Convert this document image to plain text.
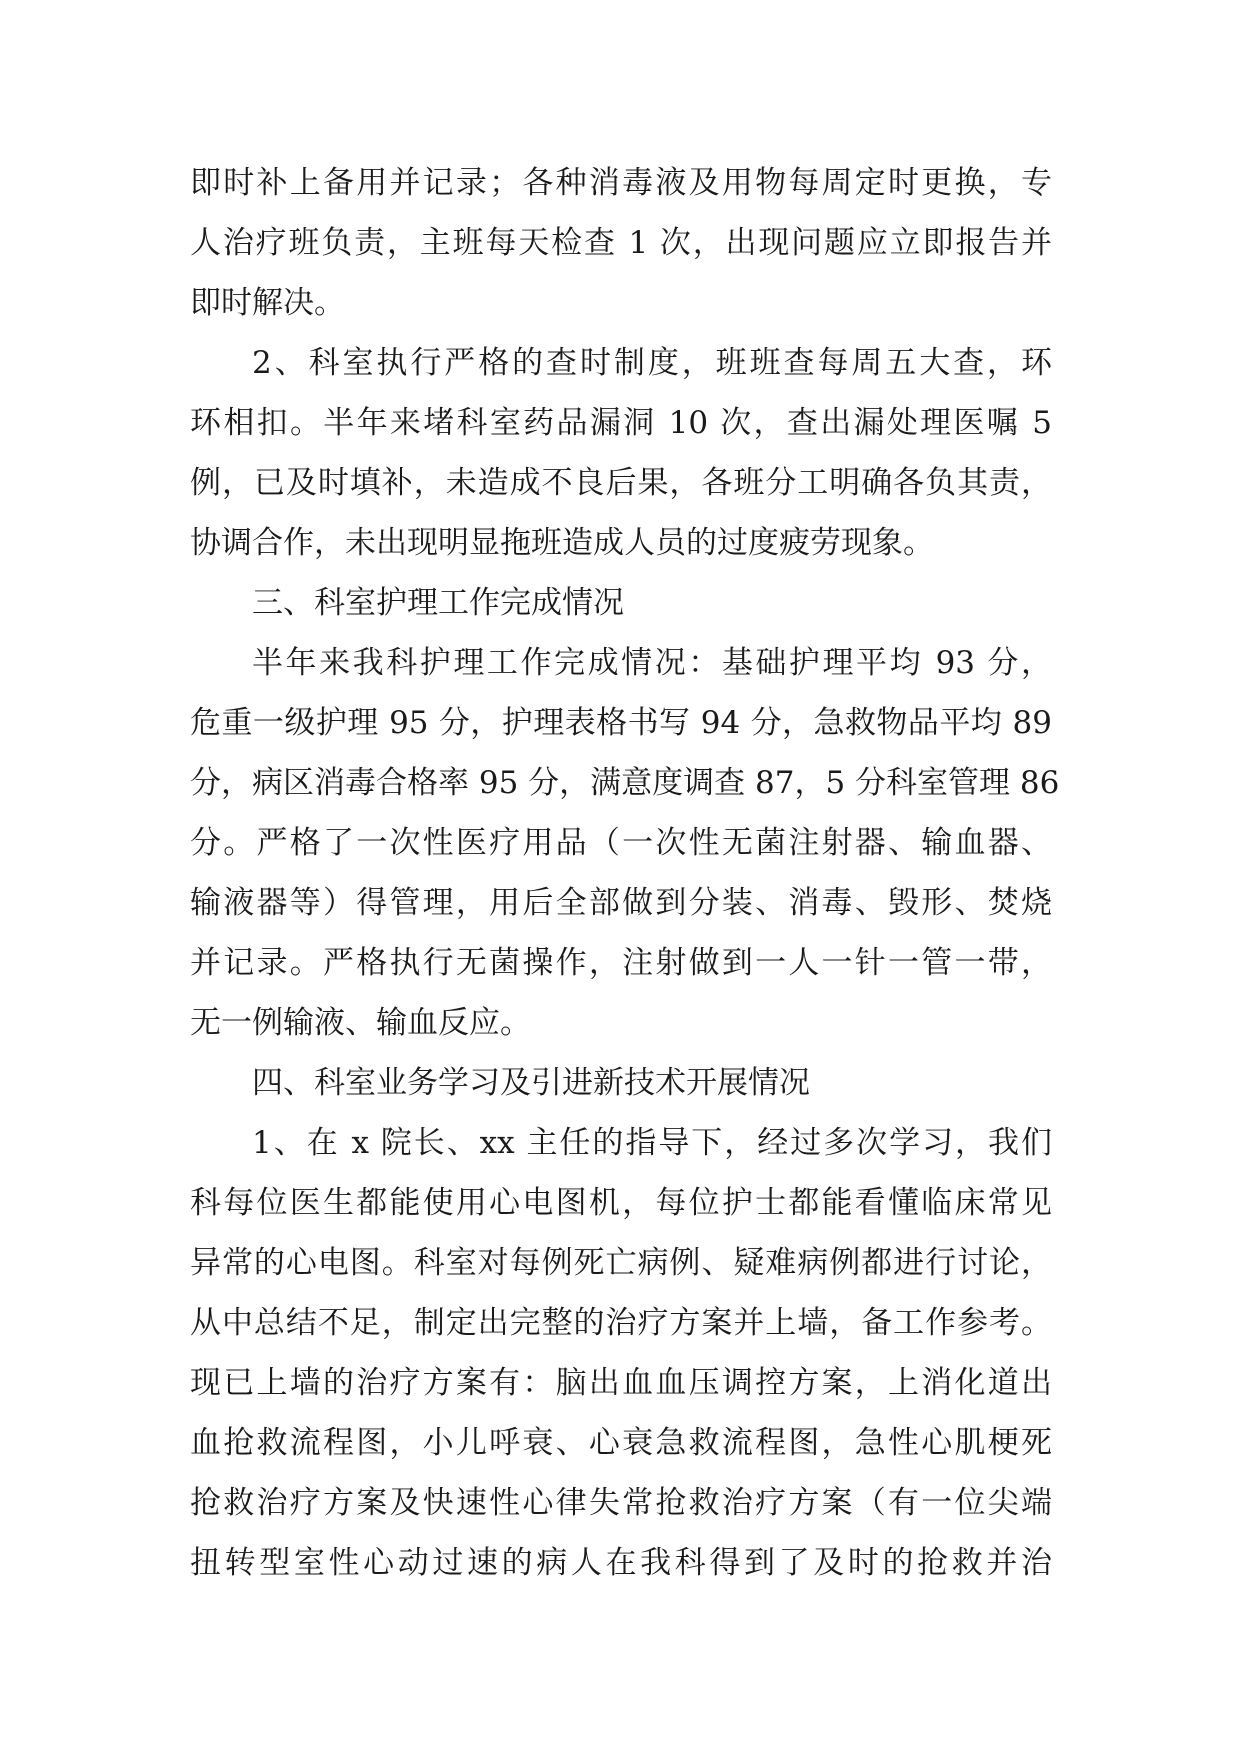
即时补上备用并记录；各种消毒液及用物每周定时更换，专
人治疗班负责，主班每天检查 1 次，出现问题应立即报告并
即时解决。
2、科室执行严格的查时制度，班班查每周五大查，环
环相扣。半年来堵科室药品漏洞 10 次，查出漏处理医嘱 5
例，已及时填补，未造成不良后果，各班分工明确各负其责，
协调合作，未出现明显拖班造成人员的过度疲劳现象。
三、科室护理工作完成情况
半年来我科护理工作完成情况：基础护理平均 93 分，
危重一级护理 95 分，护理表格书写 94 分，急救物品平均 89
分，病区消毒合格率 95 分，满意度调查 87，5 分科室管理 86
分。严格了一次性医疗用品（一次性无菌注射器、输血器、
输液器等）得管理，用后全部做到分装、消毒、毁形、焚烧
并记录。严格执行无菌操作，注射做到一人一针一管一带，
无一例输液、输血反应。
四、科室业务学习及引进新技术开展情况
1、在 x 院长、xx 主任的指导下，经过多次学习，我们
科每位医生都能使用心电图机，每位护士都能看懂临床常见
异常的心电图。科室对每例死亡病例、疑难病例都进行讨论，
从中总结不足，制定出完整的治疗方案并上墙，备工作参考。
现已上墙的治疗方案有：脑出血血压调控方案，上消化道出
血抢救流程图，小儿呼衰、心衰急救流程图，急性心肌梗死
抢救治疗方案及快速性心律失常抢救治疗方案（有一位尖端
扭转型室性心动过速的病人在我科得到了及时的抢救并治
